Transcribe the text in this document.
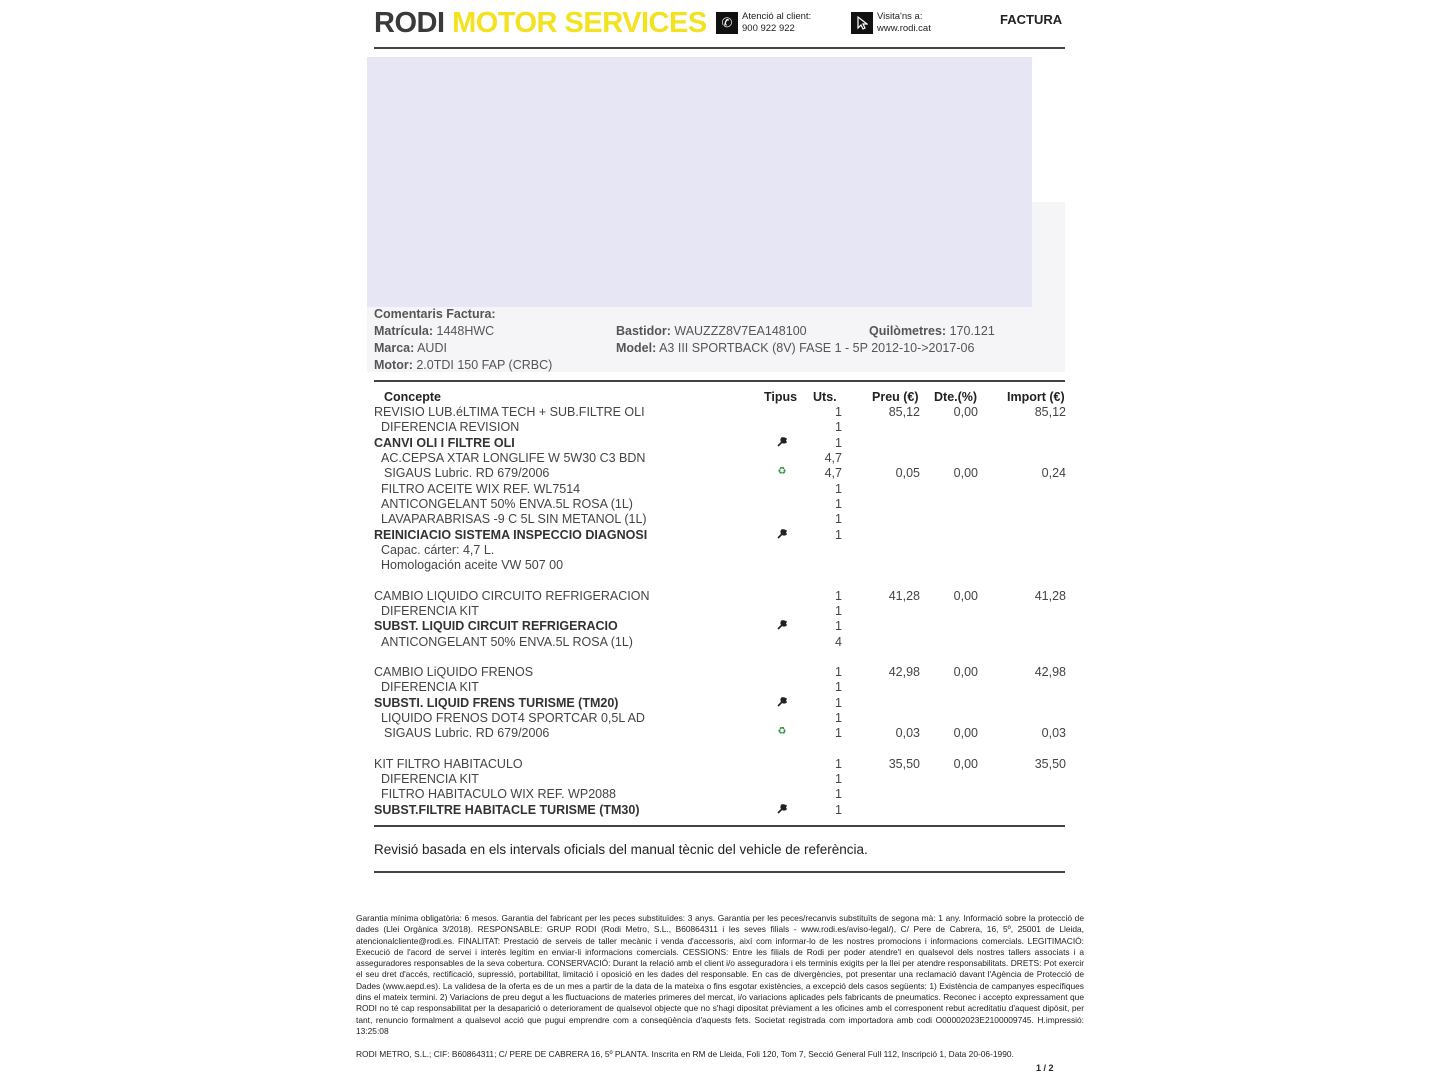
RODI MOTOR SERVICES	✆	Atenció al client:
900 922 922
Visita'ns a:
www.rodi.cat
FACTURA
Comentaris Factura:
Matrícula: 1448HWC
Marca: AUDI
Motor: 2.0TDI 150 FAP (CRBC)
Bastidor: WAUZZZ8V7EA148100
Model: A3 III SPORTBACK (8V) FASE 1 - 5P 2012-10->2017-06
Quilòmetres: 170.121
Concepte	Tipus Uts.	Preu (€) Dte.(%) Import (€)
REVISIO LUB.éLTIMA TECH + SUB.FILTRE OLI	1	85,12	0,00	85,12
DIFERENCIA REVISION	1
CANVI OLI I FILTRE OLI	1
AC.CEPSA XTAR LONGLIFE W 5W30 C3 BDN	4,7
SIGAUS Lubric. RD 679/2006	♻	4,7	0,05	0,00	0,24
FILTRO ACEITE WIX REF. WL7514	1
ANTICONGELANT 50% ENVA.5L ROSA (1L)	1
LAVAPARABRISAS -9 C 5L SIN METANOL (1L)	1
REINICIACIO SISTEMA INSPECCIO DIAGNOSI	1
Capac. cárter: 4,7 L.
Homologación aceite VW 507 00
CAMBIO LIQUIDO CIRCUITO REFRIGERACION	1	41,28	0,00	41,28
DIFERENCIA KIT	1
SUBST. LIQUID CIRCUIT REFRIGERACIO	1
ANTICONGELANT 50% ENVA.5L ROSA (1L)	4
CAMBIO LiQUIDO FRENOS	1	42,98	0,00	42,98
DIFERENCIA KIT	1
SUBSTI. LIQUID FRENS TURISME (TM20)	1
LIQUIDO FRENOS DOT4 SPORTCAR 0,5L AD	1
SIGAUS Lubric. RD 679/2006	♻	1	0,03	0,00	0,03
KIT FILTRO HABITACULO	1	35,50	0,00	35,50
DIFERENCIA KIT	1
FILTRO HABITACULO WIX REF. WP2088	1
SUBST.FILTRE HABITACLE TURISME (TM30)	1
Revisió basada en els intervals oficials del manual tècnic del vehicle de referència.
Garantia mínima obligatòria: 6 mesos. Garantia del fabricant per les peces substituïdes: 3 anys. Garantia per les peces/recanvis substituïts de segona mà: 1 any. Informació sobre la protecció de dades (Llei Orgànica 3/2018). RESPONSABLE: GRUP RODI (Rodi Metro, S.L., B60864311 i les seves filials - www.rodi.es/aviso-legal/), C/ Pere de Cabrera, 16, 5º, 25001 de Lleida, atencionalcliente@rodi.es. FINALITAT: Prestació de serveis de taller mecànic i venda d'accessoris, així com informar-lo de les nostres promocions i informacions comercials. LEGITIMACIÓ: Execució de l'acord de servei i interès legítim en enviar-li informacions comercials. CESSIONS: Entre les filials de Rodi per poder atendre'l en qualsevol dels nostres tallers associats i a asseguradores responsables de la seva cobertura. CONSERVACIÓ: Durant la relació amb el client i/o asseguradora i els terminis exigits per la llei per atendre responsabilitats. DRETS: Pot exercir el seu dret d'accés, rectificació, supressió, portabilitat, limitació i oposició en les dades del responsable. En cas de divergències, pot presentar una reclamació davant l'Agència de Protecció de Dades (www.aepd.es). La validesa de la oferta es de un mes a partir de la data de la mateixa o fins esgotar existències, a excepció dels casos següents: 1) Existència de campanyes específiques dins el mateix termini. 2) Variacions de preu degut a les fluctuacions de materies primeres del mercat, i/o variacions aplicades pels fabricants de pneumatics. Reconec i accepto expressament que RODI no té cap responsabilitat per la desaparició o deteriorament de qualsevol objecte que no s'hagi dipositat prèviament a les oficines amb el corresponent rebut acreditatiu d'aquest dipòsit, per tant, renuncio formalment a qualsevol acció que pugui emprendre com a conseqüència d'aquests fets. Societat registrada com importadora amb codi O00002023E2100009745. H.impressió: 13:25:08
RODI METRO, S.L.; CIF: B60864311; C/ PERE DE CABRERA 16, 5º PLANTA. Inscrita en RM de Lleida, Foli 120, Tom 7, Secció General Full 112, Inscripció 1, Data 20-06-1990.
1 / 2
